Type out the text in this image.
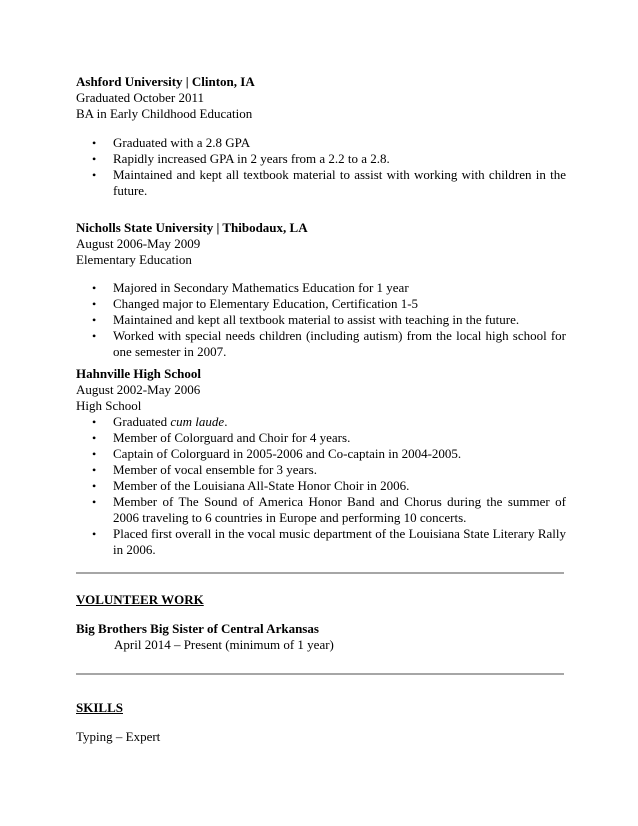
Ashford University | Clinton, IA
Graduated October 2011
BA in Early Childhood Education
• Graduated with a 2.8 GPA
• Rapidly increased GPA in 2 years from a 2.2 to a 2.8.
• Maintained and kept all textbook material to assist with working with children in the future.
Nicholls State University | Thibodaux, LA
August 2006-May 2009
Elementary Education
• Majored in Secondary Mathematics Education for 1 year
• Changed major to Elementary Education, Certification 1-5
• Maintained and kept all textbook material to assist with teaching in the future.
• Worked with special needs children (including autism) from the local high school for one semester in 2007.
Hahnville High School
August 2002-May 2006
High School
• Graduated cum laude.
• Member of Colorguard and Choir for 4 years.
• Captain of Colorguard in 2005-2006 and Co-captain in 2004-2005.
• Member of vocal ensemble for 3 years.
• Member of the Louisiana All-State Honor Choir in 2006.
• Member of The Sound of America Honor Band and Chorus during the summer of 2006 traveling to 6 countries in Europe and performing 10 concerts.
• Placed first overall in the vocal music department of the Louisiana State Literary Rally in 2006.
VOLUNTEER WORK
Big Brothers Big Sister of Central Arkansas
April 2014 – Present (minimum of 1 year)
SKILLS
Typing – Expert
